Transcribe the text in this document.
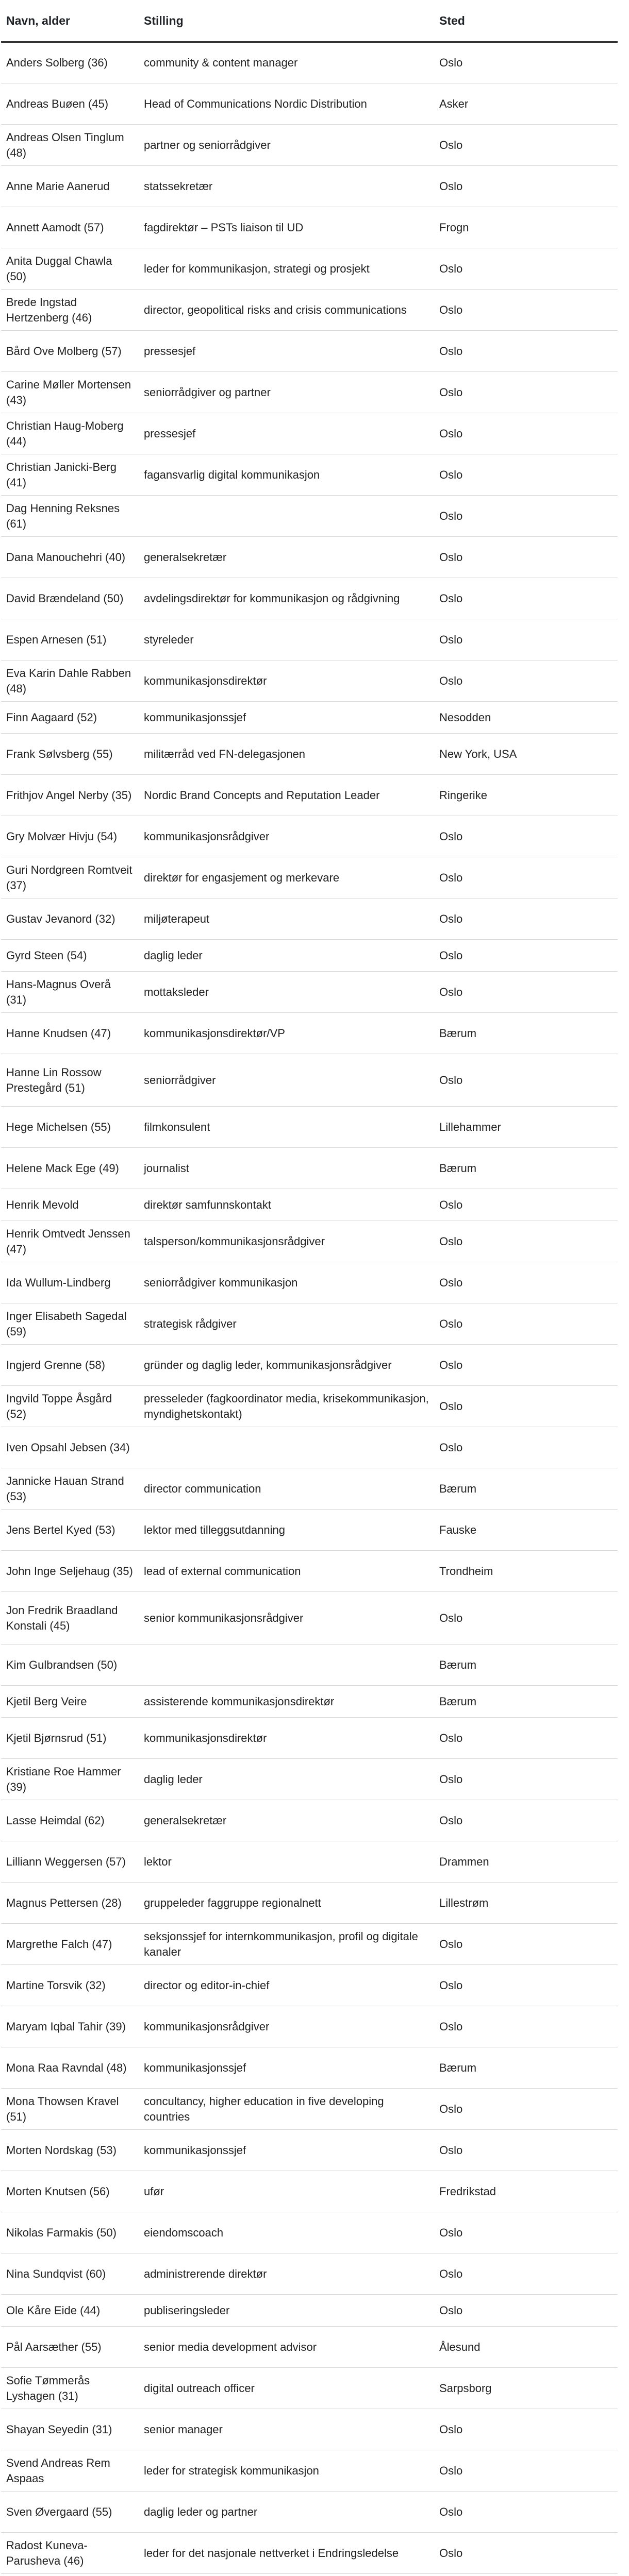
Navn, alder	Stilling	Sted
Anders Solberg (36)	community & content manager	Oslo
Andreas Buøen (45)	Head of Communications Nordic Distribution	Asker
Andreas Olsen Tinglum (48)	partner og seniorrådgiver	Oslo
Anne Marie Aanerud	statssekretær	Oslo
Annett Aamodt (57)	fagdirektør – PSTs liaison til UD	Frogn
Anita Duggal Chawla (50)	leder for kommunikasjon, strategi og prosjekt	Oslo
Brede Ingstad Hertzenberg (46)	director, geopolitical risks and crisis communications	Oslo
Bård Ove Molberg (57)	pressesjef	Oslo
Carine Møller Mortensen (43)	seniorrådgiver og partner	Oslo
Christian Haug-Moberg (44)	pressesjef	Oslo
Christian Janicki-Berg (41)	fagansvarlig digital kommunikasjon	Oslo
Dag Henning Reksnes (61)		Oslo
Dana Manouchehri (40)	generalsekretær	Oslo
David Brændeland (50)	avdelingsdirektør for kommunikasjon og rådgivning	Oslo
Espen Arnesen (51)	styreleder	Oslo
Eva Karin Dahle Rabben (48)	kommunikasjonsdirektør	Oslo
Finn Aagaard (52)	kommunikasjonssjef	Nesodden
Frank Sølvsberg (55)	militærråd ved FN-delegasjonen	New York, USA
Frithjov Angel Nerby (35)	Nordic Brand Concepts and Reputation Leader	Ringerike
Gry Molvær Hivju (54)	kommunikasjonsrådgiver	Oslo
Guri Nordgreen Romtveit (37)	direktør for engasjement og merkevare	Oslo
Gustav Jevanord (32)	miljøterapeut	Oslo
Gyrd Steen (54)	daglig leder	Oslo
Hans-Magnus Overå (31)	mottaksleder	Oslo
Hanne Knudsen (47)	kommunikasjonsdirektør/VP	Bærum
Hanne Lin Rossow Prestegård (51)	seniorrådgiver	Oslo
Hege Michelsen (55)	filmkonsulent	Lillehammer
Helene Mack Ege (49)	journalist	Bærum
Henrik Mevold	direktør samfunnskontakt	Oslo
Henrik Omtvedt Jenssen (47)	talsperson/kommunikasjonsrådgiver	Oslo
Ida Wullum-Lindberg	seniorrådgiver kommunikasjon	Oslo
Inger Elisabeth Sagedal (59)	strategisk rådgiver	Oslo
Ingjerd Grenne (58)	gründer og daglig leder, kommunikasjonsrådgiver	Oslo
Ingvild Toppe Åsgård (52)	presseleder (fagkoordinator media, krisekommunikasjon, myndighetskontakt)	Oslo
Iven Opsahl Jebsen (34)		Oslo
Jannicke Hauan Strand (53)	director communication	Bærum
Jens Bertel Kyed (53)	lektor med tilleggsutdanning	Fauske
John Inge Seljehaug (35)	lead of external communication	Trondheim
Jon Fredrik Braadland Konstali (45)	senior kommunikasjonsrådgiver	Oslo
Kim Gulbrandsen (50)		Bærum
Kjetil Berg Veire	assisterende kommunikasjonsdirektør	Bærum
Kjetil Bjørnsrud (51)	kommunikasjonsdirektør	Oslo
Kristiane Roe Hammer (39)	daglig leder	Oslo
Lasse Heimdal (62)	generalsekretær	Oslo
Lilliann Weggersen (57)	lektor	Drammen
Magnus Pettersen (28)	gruppeleder faggruppe regionalnett	Lillestrøm
Margrethe Falch (47)	seksjonssjef for internkommunikasjon, profil og digitale kanaler	Oslo
Martine Torsvik (32)	director og editor-in-chief	Oslo
Maryam Iqbal Tahir (39)	kommunikasjonsrådgiver	Oslo
Mona Raa Ravndal (48)	kommunikasjonssjef	Bærum
Mona Thowsen Kravel (51)	concultancy, higher education in five developing countries	Oslo
Morten Nordskag (53)	kommunikasjonssjef	Oslo
Morten Knutsen (56)	ufør	Fredrikstad
Nikolas Farmakis (50)	eiendomscoach	Oslo
Nina Sundqvist (60)	administrerende direktør	Oslo
Ole Kåre Eide (44)	publiseringsleder	Oslo
Pål Aarsæther (55)	senior media development advisor	Ålesund
Sofie Tømmerås Lyshagen (31)	digital outreach officer	Sarpsborg
Shayan Seyedin (31)	senior manager	Oslo
Svend Andreas Rem Aspaas	leder for strategisk kommunikasjon	Oslo
Sven Øvergaard (55)	daglig leder og partner	Oslo
Radost Kuneva-Parusheva (46)	leder for det nasjonale nettverket i Endringsledelse	Oslo
